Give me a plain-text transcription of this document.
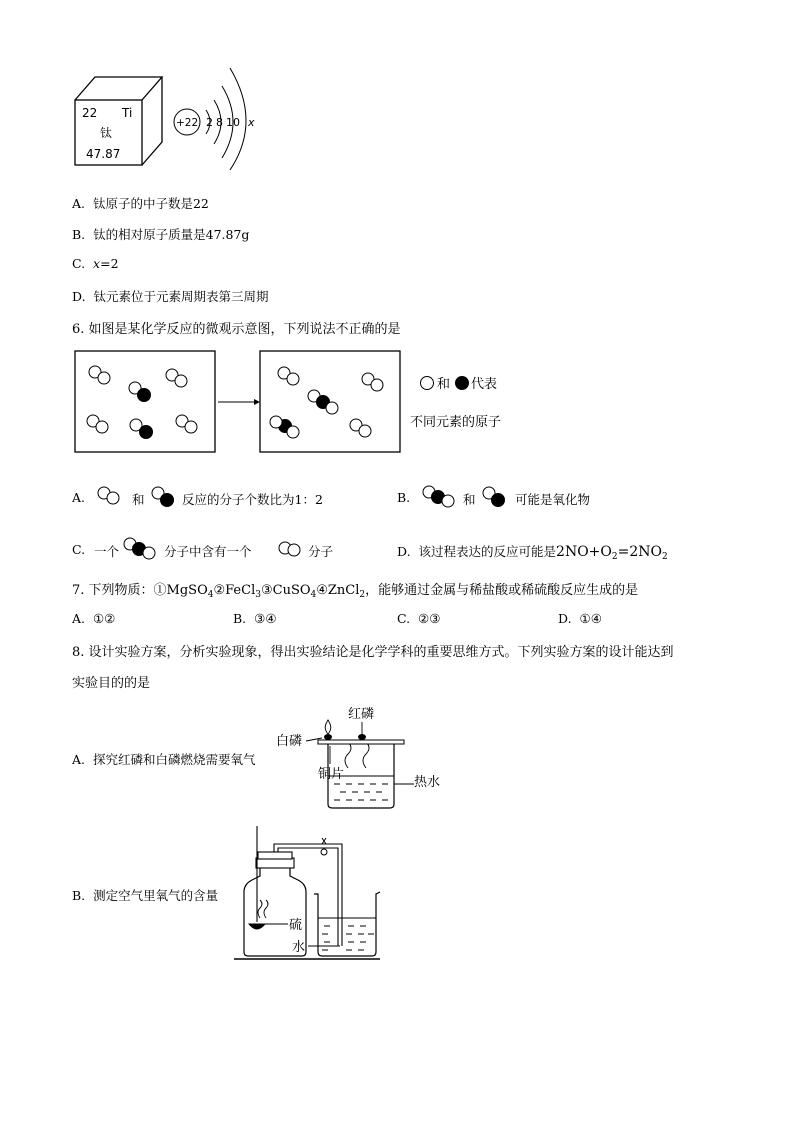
22 Ti
钛
47.87
+22 2 8 10 x
A. 钛原子的中子数是22
B. 钛的相对原子质量是47.87g
C. x=2
D. 钛元素位于元素周期表第三周期
6. 如图是某化学反应的微观示意图，下列说法不正确的是
和 代表
不同元素的原子
A.	和	反应的分子个数比为1：2	B.	和	可能是氧化物
C. 一个	分子中含有一个	分子	D. 该过程表达的反应可能是$2NO+O_2=2NO_2$
7. 下列物质：①MgSO$_4$②FeCl$_3$③CuSO$_4$④ZnCl$_2$，能够通过金属与稀盐酸或稀硫酸反应生成的是
A. ①②	B. ③④	C. ②③	D. ①④
8. 设计实验方案，分析实验现象，得出实验结论是化学学科的重要思维方式。下列实验方案的设计能达到
实验目的的是
A. 探究红磷和白磷燃烧需要氧气
红磷
白磷
铜片
热水
B. 测定空气里氧气的含量
硫
水
